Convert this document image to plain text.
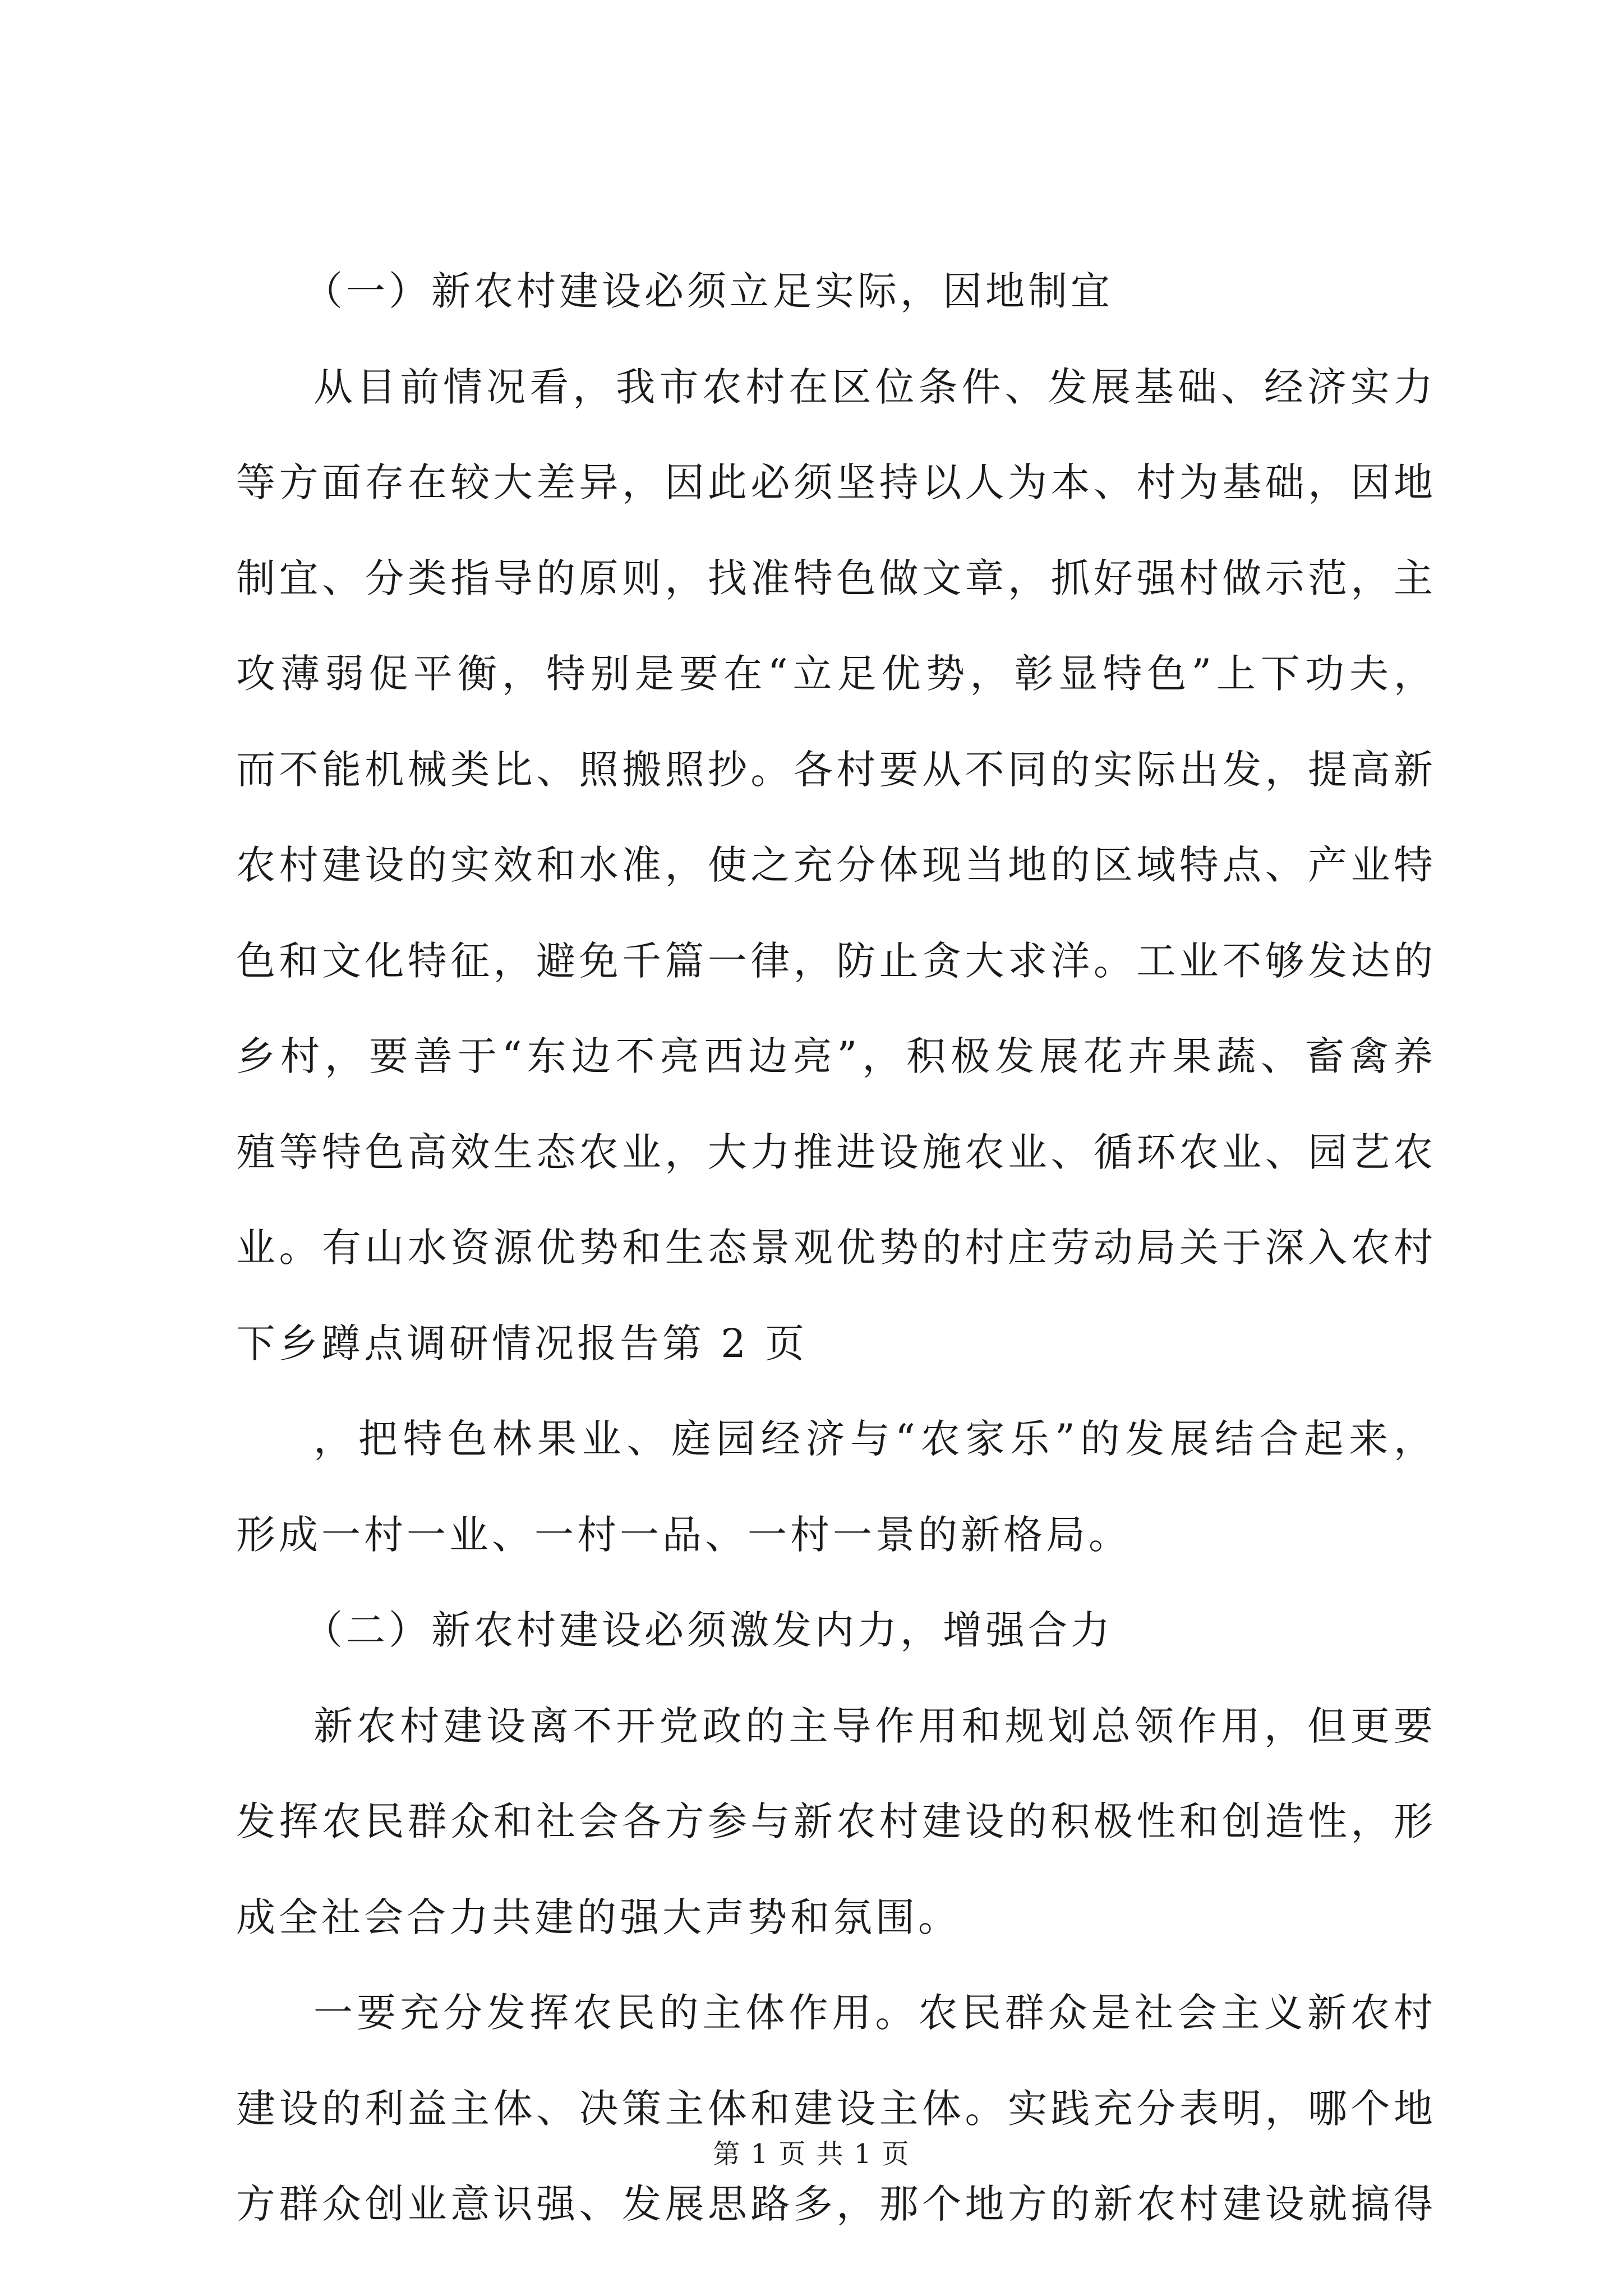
（一）新农村建设必须立足实际，因地制宜
从目前情况看，我市农村在区位条件、发展基础、经济实力
等方面存在较大差异，因此必须坚持以人为本、村为基础，因地
制宜、分类指导的原则，找准特色做文章，抓好强村做示范，主
攻薄弱促平衡，特别是要在“立足优势，彰显特色”上下功夫，
而不能机械类比、照搬照抄。各村要从不同的实际出发，提高新
农村建设的实效和水准，使之充分体现当地的区域特点、产业特
色和文化特征，避免千篇一律，防止贪大求洋。工业不够发达的
乡村，要善于“东边不亮西边亮”，积极发展花卉果蔬、畜禽养
殖等特色高效生态农业，大力推进设施农业、循环农业、园艺农
业。有山水资源优势和生态景观优势的村庄劳动局关于深入农村
下乡蹲点调研情况报告第 2 页
，把特色林果业、庭园经济与“农家乐”的发展结合起来，
形成一村一业、一村一品、一村一景的新格局。
（二）新农村建设必须激发内力，增强合力
新农村建设离不开党政的主导作用和规划总领作用，但更要
发挥农民群众和社会各方参与新农村建设的积极性和创造性，形
成全社会合力共建的强大声势和氛围。
一要充分发挥农民的主体作用。农民群众是社会主义新农村
建设的利益主体、决策主体和建设主体。实践充分表明，哪个地
方群众创业意识强、发展思路多，那个地方的新农村建设就搞得
第 1 页 共 1 页
